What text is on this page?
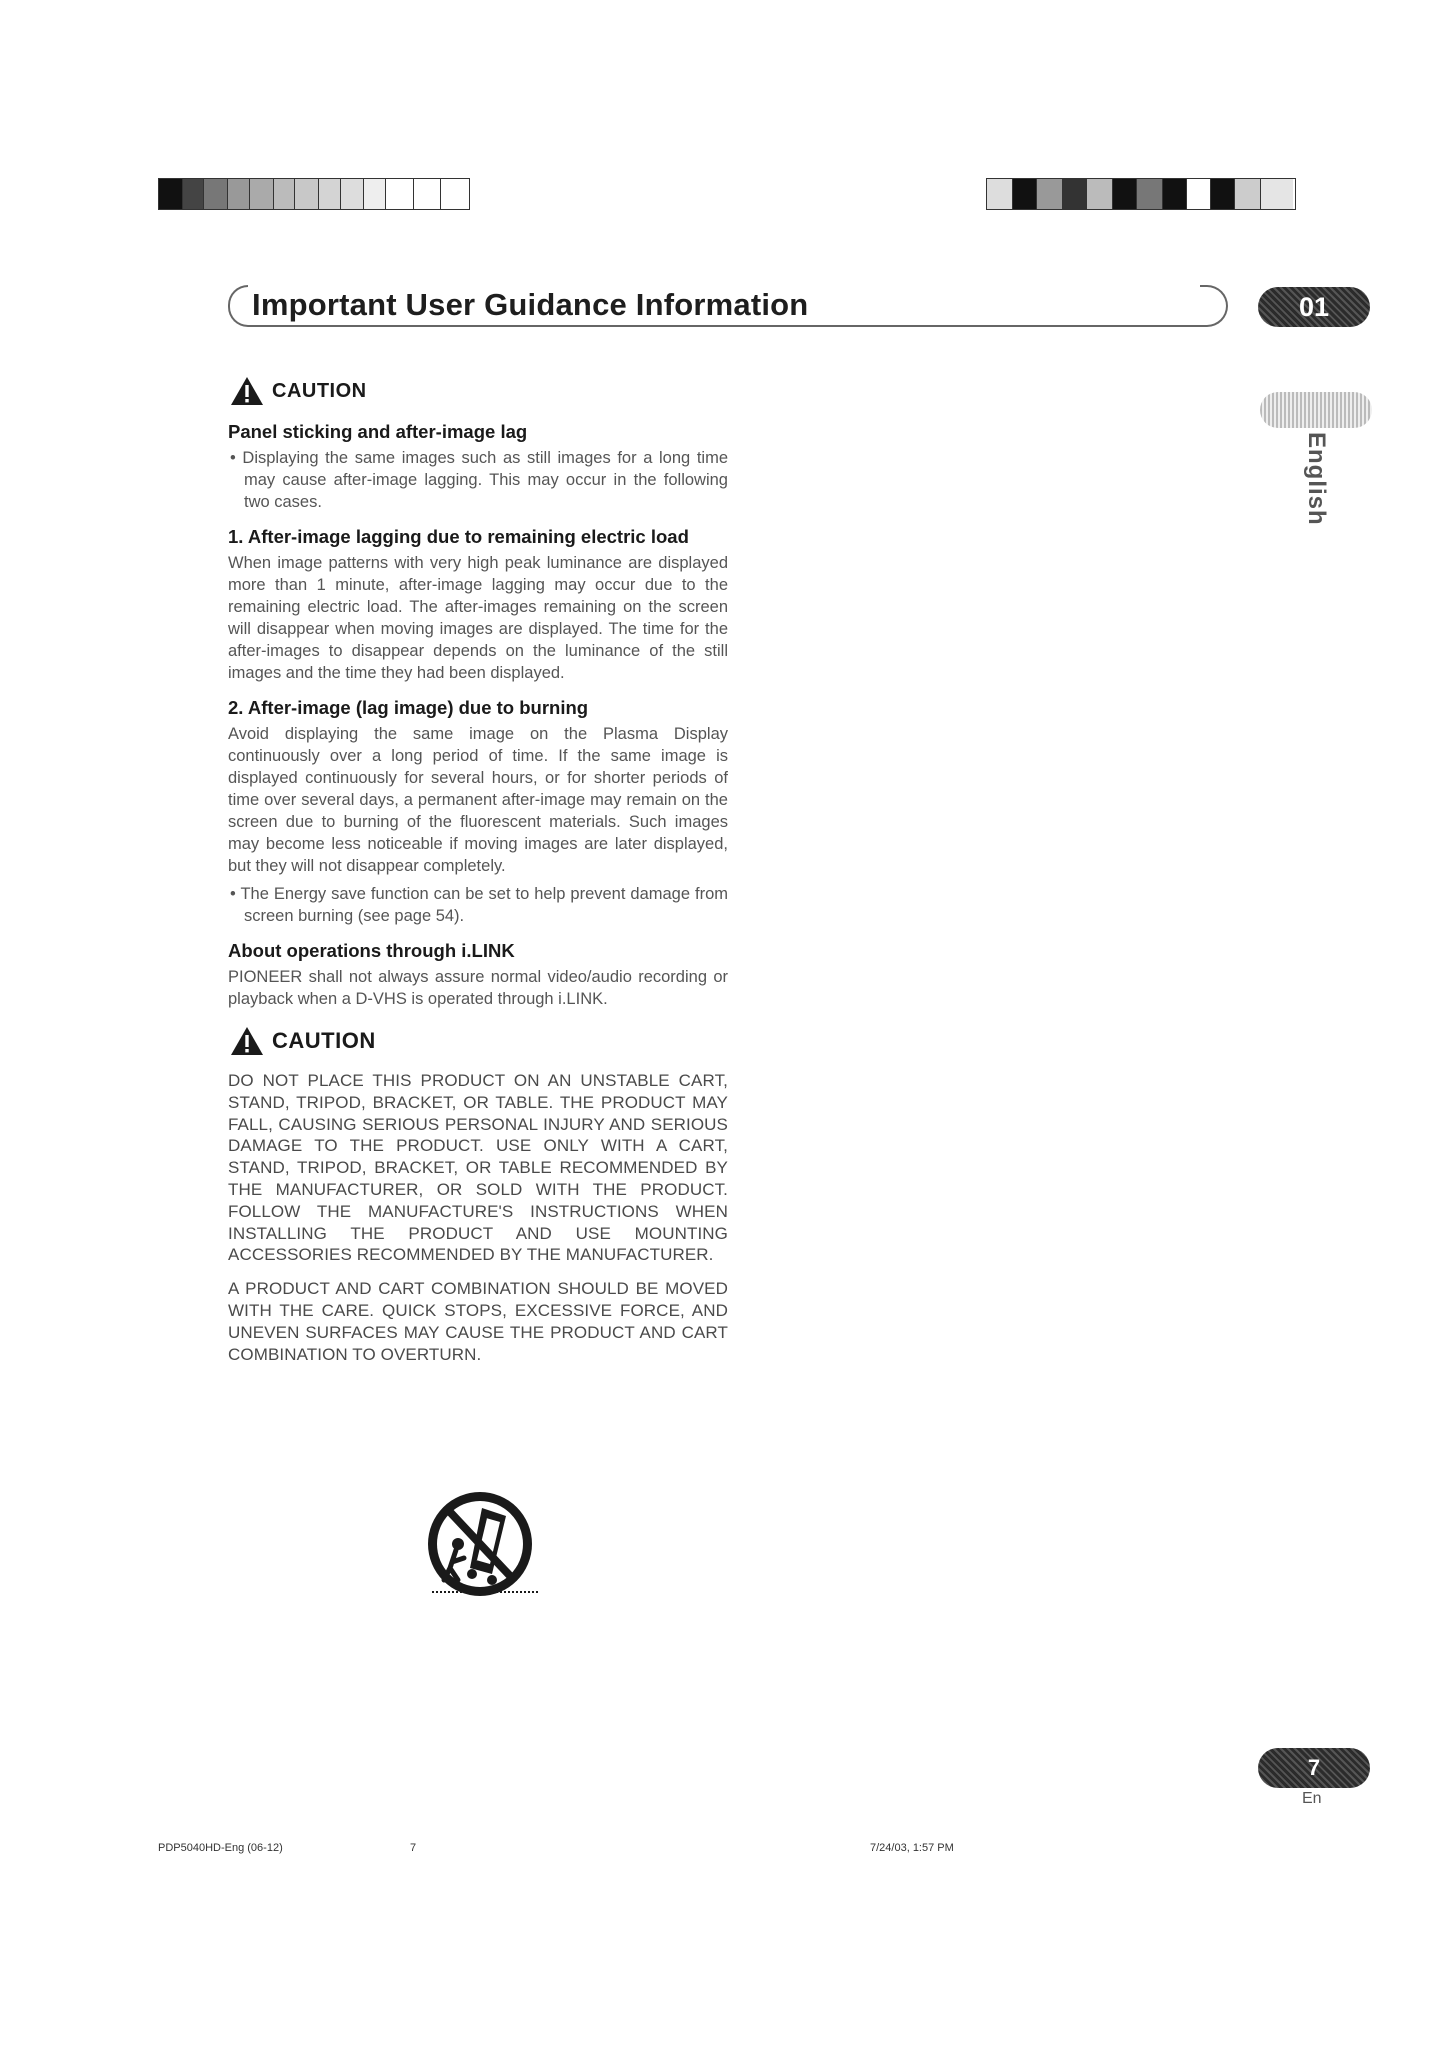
Important User Guidance Information	01
English
CAUTION
Panel sticking and after-image lag

• Displaying the same images such as still images for a long time may cause after-image lagging. This may occur in the following two cases.

1. After-image lagging due to remaining electric load

When image patterns with very high peak luminance are displayed more than 1 minute, after-image lagging may occur due to the remaining electric load. The after-images remaining on the screen will disappear when moving images are displayed. The time for the after-images to disappear depends on the luminance of the still images and the time they had been displayed.

2. After-image (lag image) due to burning

Avoid displaying the same image on the Plasma Display continuously over a long period of time. If the same image is displayed continuously for several hours, or for shorter periods of time over several days, a permanent after-image may remain on the screen due to burning of the fluorescent materials. Such images may become less noticeable if moving images are later displayed, but they will not disappear completely.

• The Energy save function can be set to help prevent damage from screen burning (see page 54).

About operations through i.LINK

PIONEER shall not always assure normal video/audio recording or playback when a D-VHS is operated through i.LINK.

CAUTION

DO NOT PLACE THIS PRODUCT ON AN UNSTABLE CART, STAND, TRIPOD, BRACKET, OR TABLE. THE PRODUCT MAY FALL, CAUSING SERIOUS PERSONAL INJURY AND SERIOUS DAMAGE TO THE PRODUCT. USE ONLY WITH A CART, STAND, TRIPOD, BRACKET, OR TABLE RECOMMENDED BY THE MANUFACTURER, OR SOLD WITH THE PRODUCT. FOLLOW THE MANUFACTURE'S INSTRUCTIONS WHEN INSTALLING THE PRODUCT AND USE MOUNTING ACCESSORIES RECOMMENDED BY THE MANUFACTURER.

A PRODUCT AND CART COMBINATION SHOULD BE MOVED WITH THE CARE. QUICK STOPS, EXCESSIVE FORCE, AND UNEVEN SURFACES MAY CAUSE THE PRODUCT AND CART COMBINATION TO OVERTURN.

7
En
PDP5040HD-Eng (06-12)	7	7/24/03, 1:57 PM
